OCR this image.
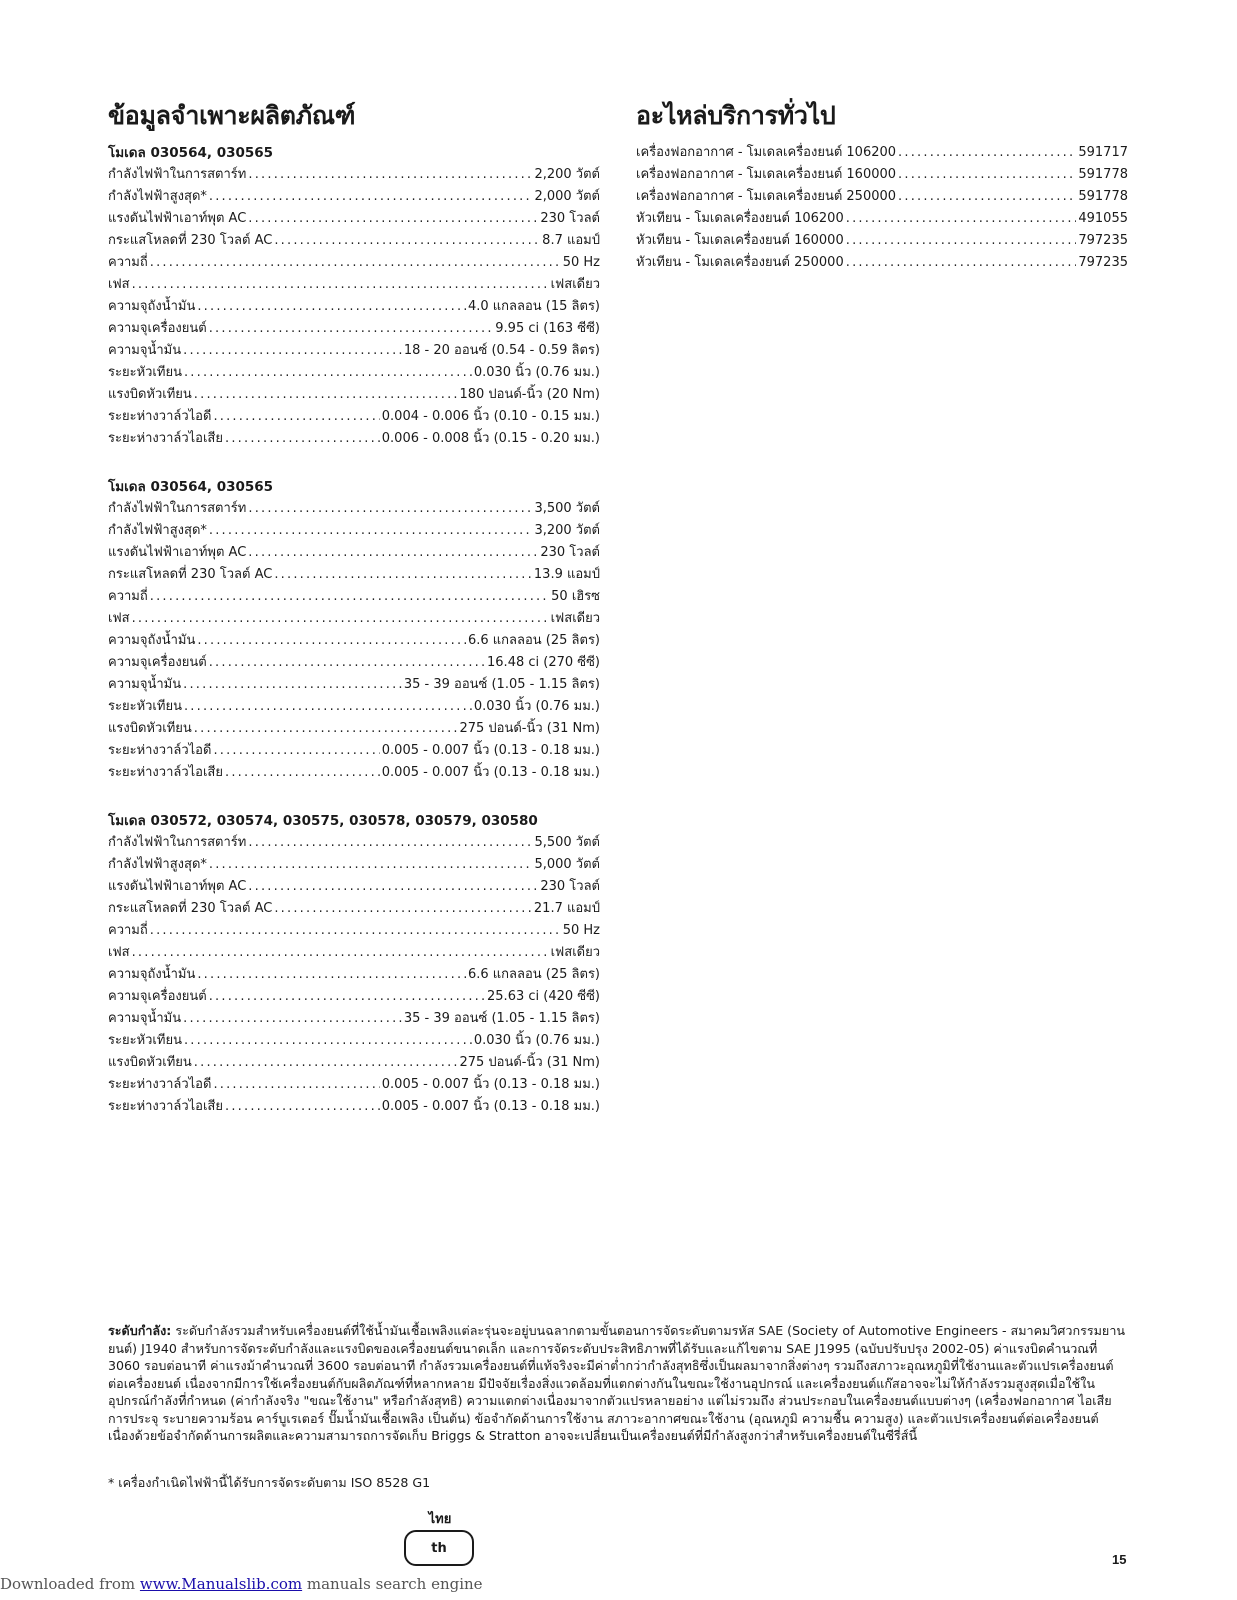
ข้อมูลจำเพาะผลิตภัณฑ์
โมเดล 030564, 030565
กำลังไฟฟ้าในการสตาร์ท .....	2,200 วัตต์
กำลังไฟฟ้าสูงสุด* .....	2,000 วัตต์
แรงดันไฟฟ้าเอาท์พุต AC .....	230 โวลต์
กระแสโหลดที่ 230 โวลต์ AC .....	8.7 แอมป์
ความถี่ .....	50 Hz
เฟส .....	เฟสเดียว
ความจุถังน้ำมัน .....	4.0 แกลลอน (15 ลิตร)
ความจุเครื่องยนต์ .....	9.95 ci (163 ซีซี)
ความจุน้ำมัน .....	18 - 20 ออนซ์ (0.54 - 0.59 ลิตร)
ระยะหัวเทียน .....	0.030 นิ้ว (0.76 มม.)
แรงบิดหัวเทียน .....	180 ปอนด์-นิ้ว (20 Nm)
ระยะห่างวาล์วไอดี .....	0.004 - 0.006 นิ้ว (0.10 - 0.15 มม.)
ระยะห่างวาล์วไอเสีย .....	0.006 - 0.008 นิ้ว (0.15 - 0.20 มม.)
โมเดล 030564, 030565
กำลังไฟฟ้าในการสตาร์ท .....	3,500 วัตต์
กำลังไฟฟ้าสูงสุด* .....	3,200 วัตต์
แรงดันไฟฟ้าเอาท์พุต AC .....	230 โวลต์
กระแสโหลดที่ 230 โวลต์ AC .....	13.9 แอมป์
ความถี่ .....	50 เฮิรซ
เฟส .....	เฟสเดียว
ความจุถังน้ำมัน .....	6.6 แกลลอน (25 ลิตร)
ความจุเครื่องยนต์ .....	16.48 ci (270 ซีซี)
ความจุน้ำมัน .....	35 - 39 ออนซ์ (1.05 - 1.15 ลิตร)
ระยะหัวเทียน .....	0.030 นิ้ว (0.76 มม.)
แรงบิดหัวเทียน .....	275 ปอนด์-นิ้ว (31 Nm)
ระยะห่างวาล์วไอดี .....	0.005 - 0.007 นิ้ว (0.13 - 0.18 มม.)
ระยะห่างวาล์วไอเสีย .....	0.005 - 0.007 นิ้ว (0.13 - 0.18 มม.)
โมเดล 030572, 030574, 030575, 030578, 030579, 030580
กำลังไฟฟ้าในการสตาร์ท .....	5,500 วัตต์
กำลังไฟฟ้าสูงสุด* .....	5,000 วัตต์
แรงดันไฟฟ้าเอาท์พุต AC .....	230 โวลต์
กระแสโหลดที่ 230 โวลต์ AC .....	21.7 แอมป์
ความถี่ .....	50 Hz
เฟส .....	เฟสเดียว
ความจุถังน้ำมัน .....	6.6 แกลลอน (25 ลิตร)
ความจุเครื่องยนต์ .....	25.63 ci (420 ซีซี)
ความจุน้ำมัน .....	35 - 39 ออนซ์ (1.05 - 1.15 ลิตร)
ระยะหัวเทียน .....	0.030 นิ้ว (0.76 มม.)
แรงบิดหัวเทียน .....	275 ปอนด์-นิ้ว (31 Nm)
ระยะห่างวาล์วไอดี .....	0.005 - 0.007 นิ้ว (0.13 - 0.18 มม.)
ระยะห่างวาล์วไอเสีย .....	0.005 - 0.007 นิ้ว (0.13 - 0.18 มม.)
อะไหล่บริการทั่วไป
เครื่องฟอกอากาศ - โมเดลเครื่องยนต์ 106200 .....	591717
เครื่องฟอกอากาศ - โมเดลเครื่องยนต์ 160000 .....	591778
เครื่องฟอกอากาศ - โมเดลเครื่องยนต์ 250000 .....	591778
หัวเทียน - โมเดลเครื่องยนต์ 106200 .....	491055
หัวเทียน - โมเดลเครื่องยนต์ 160000 .....	797235
หัวเทียน - โมเดลเครื่องยนต์ 250000 .....	797235

ระดับกำลัง: ระดับกำลังรวมสำหรับเครื่องยนต์ที่ใช้น้ำมันเชื้อเพลิงแต่ละรุ่นจะอยู่บนฉลากตามขั้นตอนการจัดระดับตามรหัส SAE (Society of Automotive Engineers - สมาคมวิศวกรรมยานยนต์) J1940 สำหรับการจัดระดับกำลังและแรงบิดของเครื่องยนต์ขนาดเล็ก และการจัดระดับประสิทธิภาพที่ได้รับและแก้ไขตาม SAE J1995 (ฉบับปรับปรุง 2002-05) ค่าแรงบิดคำนวณที่ 3060 รอบต่อนาที ค่าแรงม้าคำนวณที่ 3600 รอบต่อนาที กำลังรวมเครื่องยนต์ที่แท้จริงจะมีค่าต่ำกว่ากำลังสุทธิซึ่งเป็นผลมาจากสิ่งต่างๆ รวมถึงสภาวะอุณหภูมิที่ใช้งานและตัวแปรเครื่องยนต์ต่อเครื่องยนต์ เนื่องจากมีการใช้เครื่องยนต์กับผลิตภัณฑ์ที่หลากหลาย มีปัจจัยเรื่องสิ่งแวดล้อมที่แตกต่างกันในขณะใช้งานอุปกรณ์ และเครื่องยนต์แก๊สอาจจะไม่ให้กำลังรวมสูงสุดเมื่อใช้ในอุปกรณ์กำลังที่กำหนด (ค่ากำลังจริง "ขณะใช้งาน" หรือกำลังสุทธิ) ความแตกต่างเนื่องมาจากตัวแปรหลายอย่าง แต่ไม่รวมถึง ส่วนประกอบในเครื่องยนต์แบบต่างๆ (เครื่องฟอกอากาศ ไอเสีย การประจุ ระบายความร้อน คาร์บูเรเตอร์ ปั๊มน้ำมันเชื้อเพลิง เป็นต้น) ข้อจำกัดด้านการใช้งาน สภาวะอากาศขณะใช้งาน (อุณหภูมิ ความชื้น ความสูง) และตัวแปรเครื่องยนต์ต่อเครื่องยนต์ เนื่องด้วยข้อจำกัดด้านการผลิตและความสามารถการจัดเก็บ Briggs & Stratton อาจจะเปลี่ยนเป็นเครื่องยนต์ที่มีกำลังสูงกว่าสำหรับเครื่องยนต์ในซีรี่ส์นี้

* เครื่องกำเนิดไฟฟ้านี้ได้รับการจัดระดับตาม ISO 8528 G1

ไทย
th
15
Downloaded from www.Manualslib.com manuals search engine
